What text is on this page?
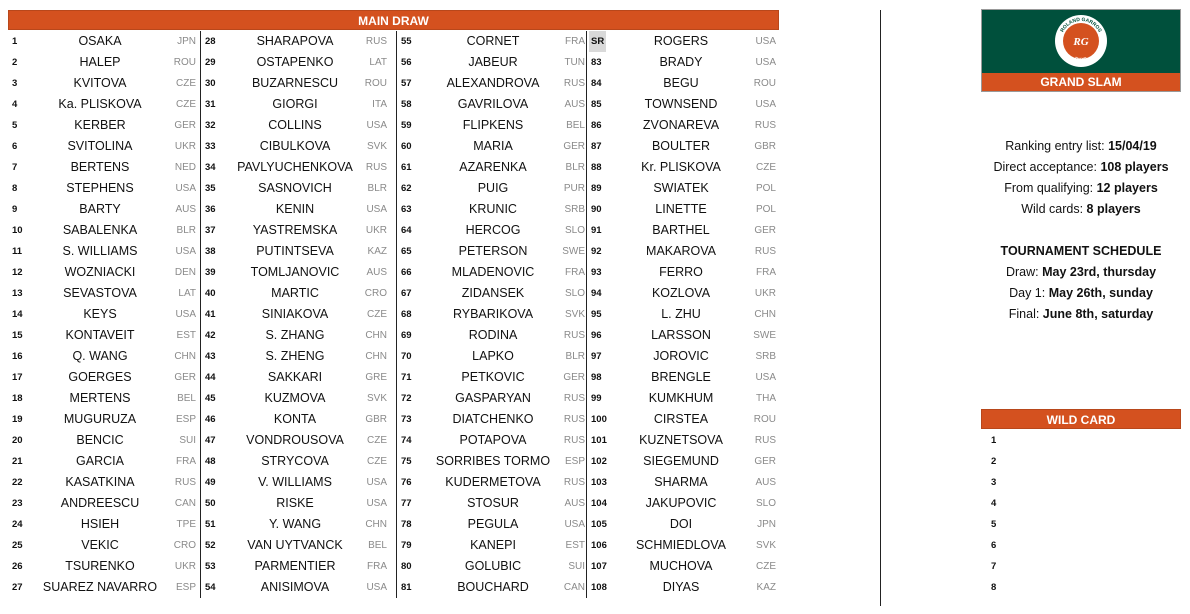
MAIN DRAW
1	OSAKA	JPN
2	HALEP	ROU
3	KVITOVA	CZE
4	Ka. PLISKOVA	CZE
5	KERBER	GER
6	SVITOLINA	UKR
7	BERTENS	NED
8	STEPHENS	USA
9	BARTY	AUS
10	SABALENKA	BLR
11	S. WILLIAMS	USA
12	WOZNIACKI	DEN
13	SEVASTOVA	LAT
14	KEYS	USA
15	KONTAVEIT	EST
16	Q. WANG	CHN
17	GOERGES	GER
18	MERTENS	BEL
19	MUGURUZA	ESP
20	BENCIC	SUI
21	GARCIA	FRA
22	KASATKINA	RUS
23	ANDREESCU	CAN
24	HSIEH	TPE
25	VEKIC	CRO
26	TSURENKO	UKR
27	SUAREZ NAVARRO	ESP
28	SHARAPOVA	RUS
29	OSTAPENKO	LAT
30	BUZARNESCU	ROU
31	GIORGI	ITA
32	COLLINS	USA
33	CIBULKOVA	SVK
34	PAVLYUCHENKOVA	RUS
35	SASNOVICH	BLR
36	KENIN	USA
37	YASTREMSKA	UKR
38	PUTINTSEVA	KAZ
39	TOMLJANOVIC	AUS
40	MARTIC	CRO
41	SINIAKOVA	CZE
42	S. ZHANG	CHN
43	S. ZHENG	CHN
44	SAKKARI	GRE
45	KUZMOVA	SVK
46	KONTA	GBR
47	VONDROUSOVA	CZE
48	STRYCOVA	CZE
49	V. WILLIAMS	USA
50	RISKE	USA
51	Y. WANG	CHN
52	VAN UYTVANCK	BEL
53	PARMENTIER	FRA
54	ANISIMOVA	USA
55	CORNET	FRA
56	JABEUR	TUN
57	ALEXANDROVA	RUS
58	GAVRILOVA	AUS
59	FLIPKENS	BEL
60	MARIA	GER
61	AZARENKA	BLR
62	PUIG	PUR
63	KRUNIC	SRB
64	HERCOG	SLO
65	PETERSON	SWE
66	MLADENOVIC	FRA
67	ZIDANSEK	SLO
68	RYBARIKOVA	SVK
69	RODINA	RUS
70	LAPKO	BLR
71	PETKOVIC	GER
72	GASPARYAN	RUS
73	DIATCHENKO	RUS
74	POTAPOVA	RUS
75	SORRIBES TORMO	ESP
76	KUDERMETOVA	RUS
77	STOSUR	AUS
78	PEGULA	USA
79	KANEPI	EST
80	GOLUBIC	SUI
81	BOUCHARD	CAN
SR	ROGERS	USA
83	BRADY	USA
84	BEGU	ROU
85	TOWNSEND	USA
86	ZVONAREVA	RUS
87	BOULTER	GBR
88	Kr. PLISKOVA	CZE
89	SWIATEK	POL
90	LINETTE	POL
91	BARTHEL	GER
92	MAKAROVA	RUS
93	FERRO	FRA
94	KOZLOVA	UKR
95	L. ZHU	CHN
96	LARSSON	SWE
97	JOROVIC	SRB
98	BRENGLE	USA
99	KUMKHUM	THA
100	CIRSTEA	ROU
101	KUZNETSOVA	RUS
102	SIEGEMUND	GER
103	SHARMA	AUS
104	JAKUPOVIC	SLO
105	DOI	JPN
106	SCHMIEDLOVA	SVK
107	MUCHOVA	CZE
108	DIYAS	KAZ
ROLAND GARROS
PARIS
RG
GRAND SLAM
Ranking entry list: 15/04/19
Direct acceptance: 108 players
From qualifying: 12 players
Wild cards: 8 players
TOURNAMENT SCHEDULE
Draw: May 23rd, thursday
Day 1: May 26th, sunday
Final: June 8th, saturday
WILD CARD
1
2
3
4
5
6
7
8
